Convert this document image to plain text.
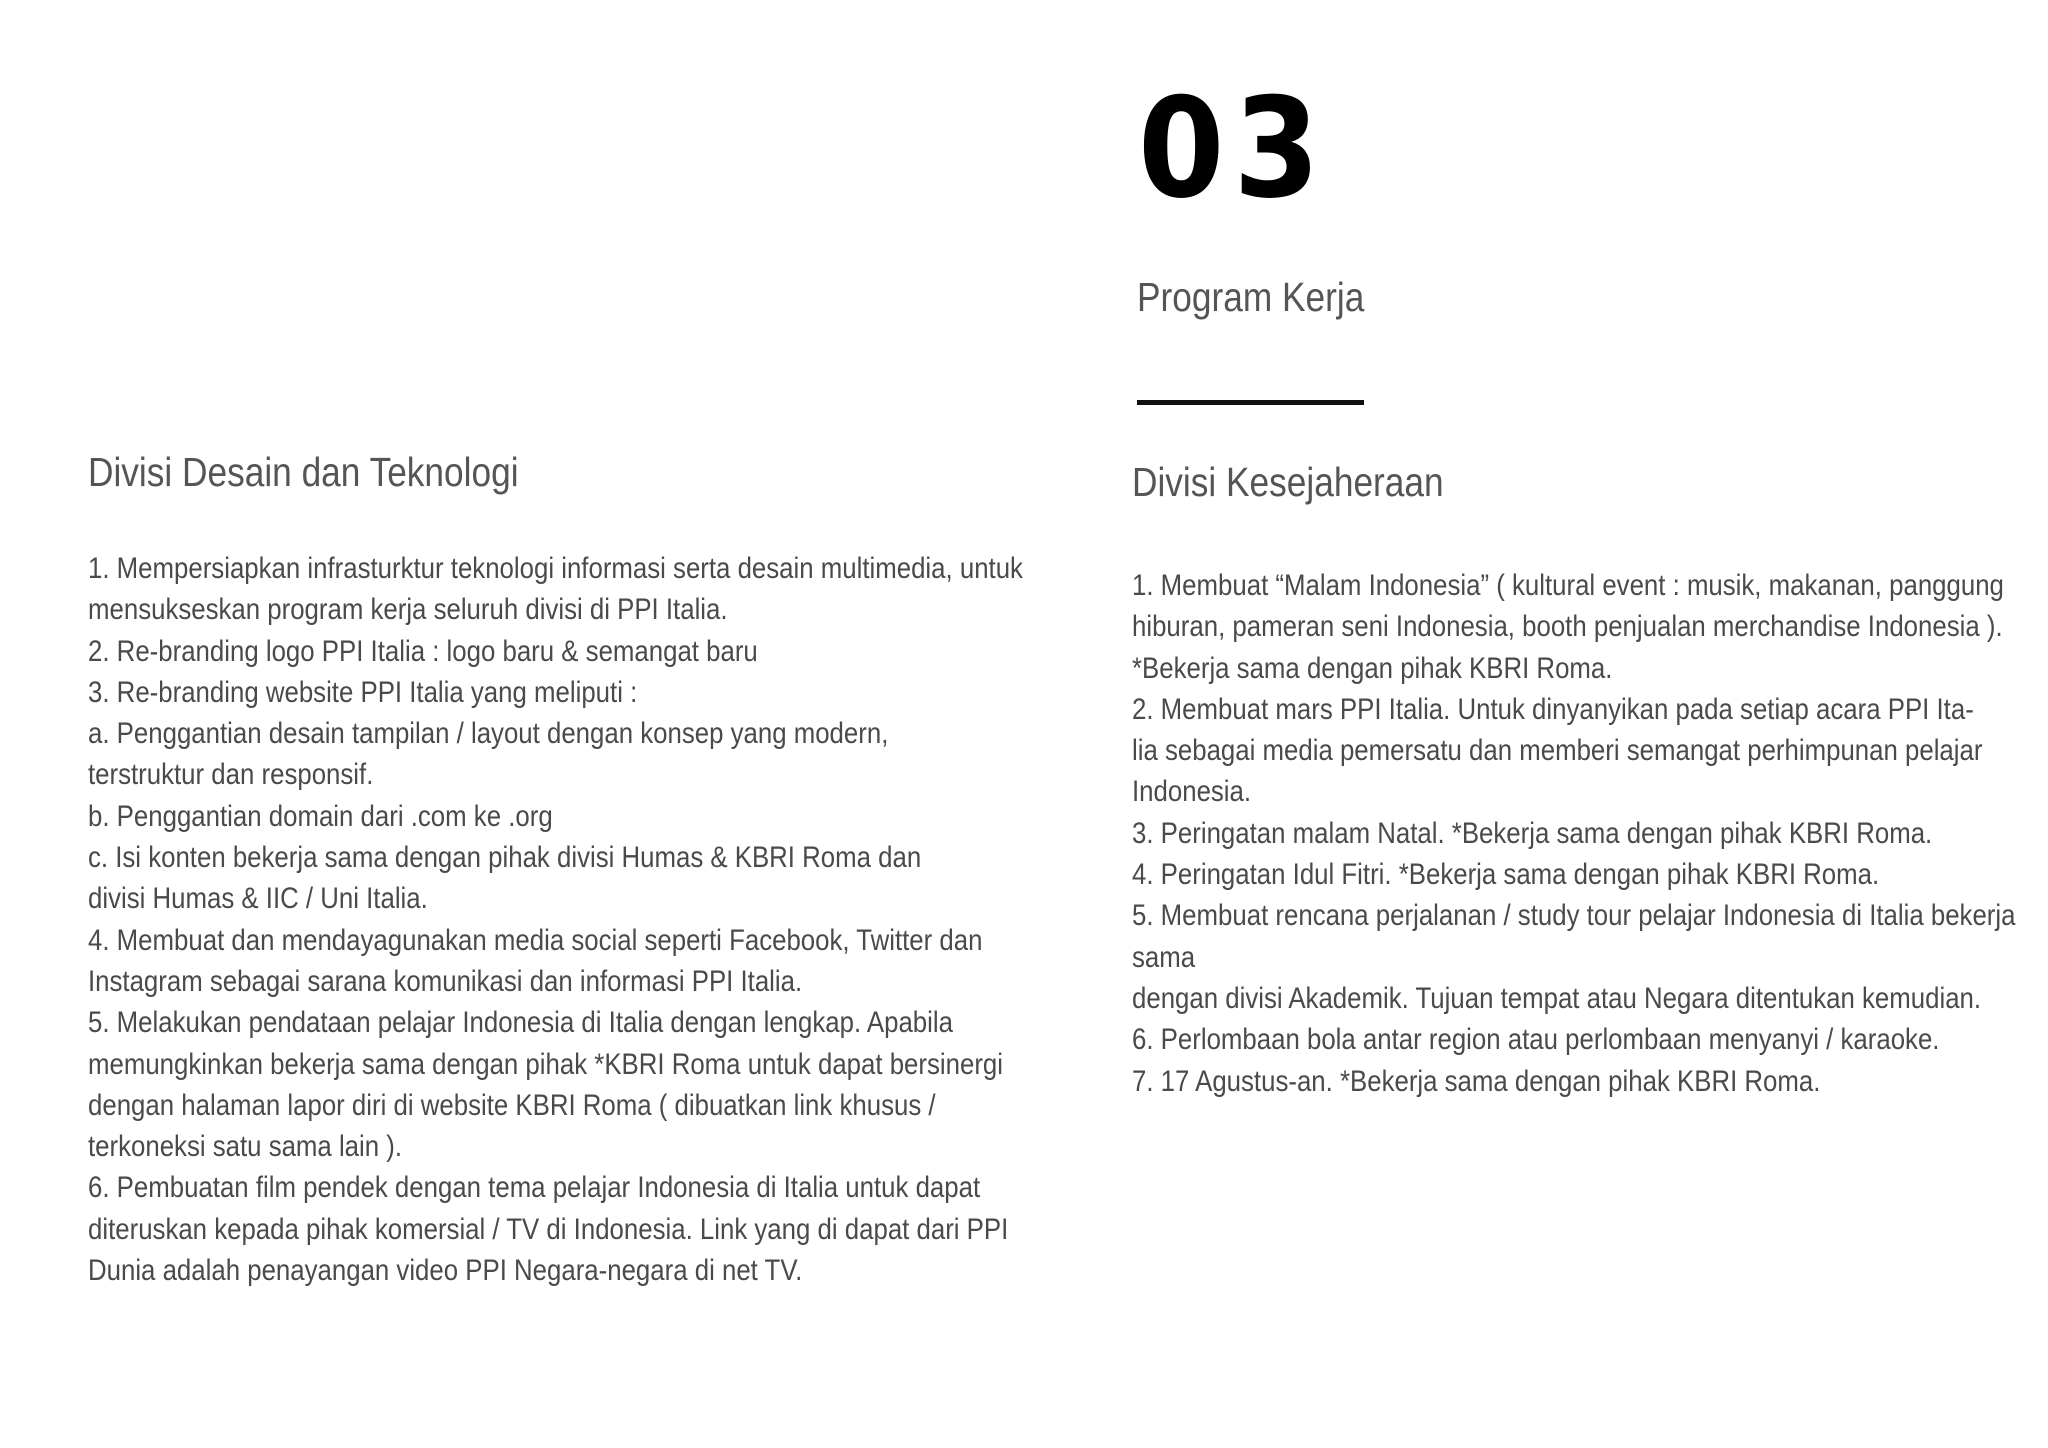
03
Program Kerja
Divisi Desain dan Teknologi
1. Mempersiapkan infrasturktur teknologi informasi serta desain multimedia, untuk
mensukseskan program kerja seluruh divisi di PPI Italia.
2. Re-branding logo PPI Italia : logo baru & semangat baru
3. Re-branding website PPI Italia yang meliputi :
a. Penggantian desain tampilan / layout dengan konsep yang modern,
terstruktur dan responsif.
b. Penggantian domain dari .com ke .org
c. Isi konten bekerja sama dengan pihak divisi Humas & KBRI Roma dan
divisi Humas & IIC / Uni Italia.
4. Membuat dan mendayagunakan media social seperti Facebook, Twitter dan
Instagram sebagai sarana komunikasi dan informasi PPI Italia.
5. Melakukan pendataan pelajar Indonesia di Italia dengan lengkap. Apabila
memungkinkan bekerja sama dengan pihak *KBRI Roma untuk dapat bersinergi
dengan halaman lapor diri di website KBRI Roma ( dibuatkan link khusus /
terkoneksi satu sama lain ).
6. Pembuatan film pendek dengan tema pelajar Indonesia di Italia untuk dapat
diteruskan kepada pihak komersial / TV di Indonesia. Link yang di dapat dari PPI
Dunia adalah penayangan video PPI Negara-negara di net TV.
Divisi Kesejaheraan
1. Membuat “Malam Indonesia” ( kultural event : musik, makanan, panggung
hiburan, pameran seni Indonesia, booth penjualan merchandise Indonesia ).
*Bekerja sama dengan pihak KBRI Roma.
2. Membuat mars PPI Italia. Untuk dinyanyikan pada setiap acara PPI Ita-
lia sebagai media pemersatu dan memberi semangat perhimpunan pelajar
Indonesia.
3. Peringatan malam Natal. *Bekerja sama dengan pihak KBRI Roma.
4. Peringatan Idul Fitri. *Bekerja sama dengan pihak KBRI Roma.
5. Membuat rencana perjalanan / study tour pelajar Indonesia di Italia bekerja
sama
dengan divisi Akademik. Tujuan tempat atau Negara ditentukan kemudian.
6. Perlombaan bola antar region atau perlombaan menyanyi / karaoke.
7. 17 Agustus-an. *Bekerja sama dengan pihak KBRI Roma.
